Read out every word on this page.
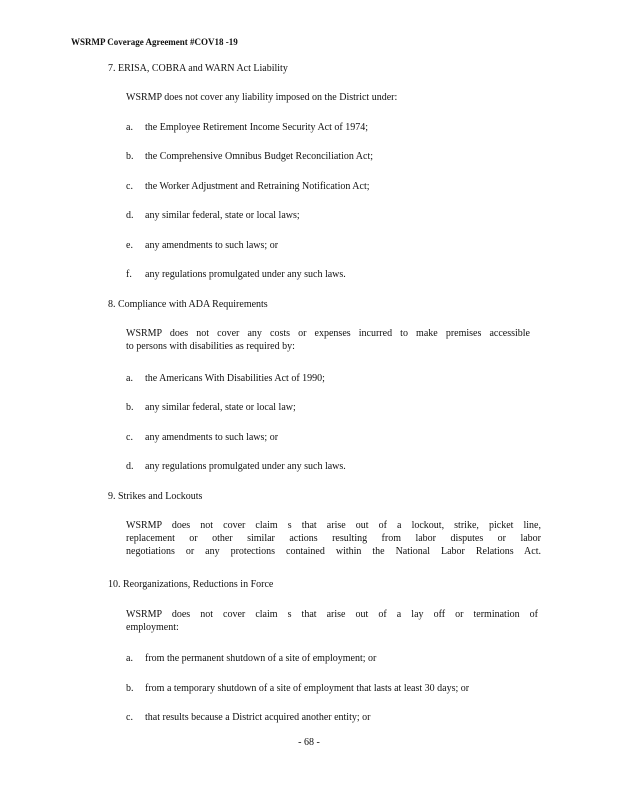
WSRMP Coverage Agreement #COV18 -19
7. ERISA, COBRA and WARN Act Liability
WSRMP does not cover any liability imposed on the District under:
a. the Employee Retirement Income Security Act of 1974;
b. the Comprehensive Omnibus Budget Reconciliation Act;
c. the Worker Adjustment and Retraining Notification Act;
d. any similar federal, state or local laws;
e. any amendments to such laws; or
f. any regulations promulgated under any such laws.
8. Compliance with ADA Requirements
WSRMP does not cover any costs or expenses incurred to make premises accessible
to persons with disabilities as required by:
a. the Americans With Disabilities Act of 1990;
b. any similar federal, state or local law;
c. any amendments to such laws; or
d. any regulations promulgated under any such laws.
9. Strikes and Lockouts
WSRMP does not cover claim s that arise out of a lockout, strike, picket line,
replacement or other similar actions resulting from labor disputes or labor
negotiations or any protections contained within the National Labor Relations Act.
10. Reorganizations, Reductions in Force
WSRMP does not cover claim s that arise out of a lay off or termination of
employment:
a. from the permanent shutdown of a site of employment; or
b. from a temporary shutdown of a site of employment that lasts at least 30 days; or
c. that results because a District acquired another entity; or
- 68 -
